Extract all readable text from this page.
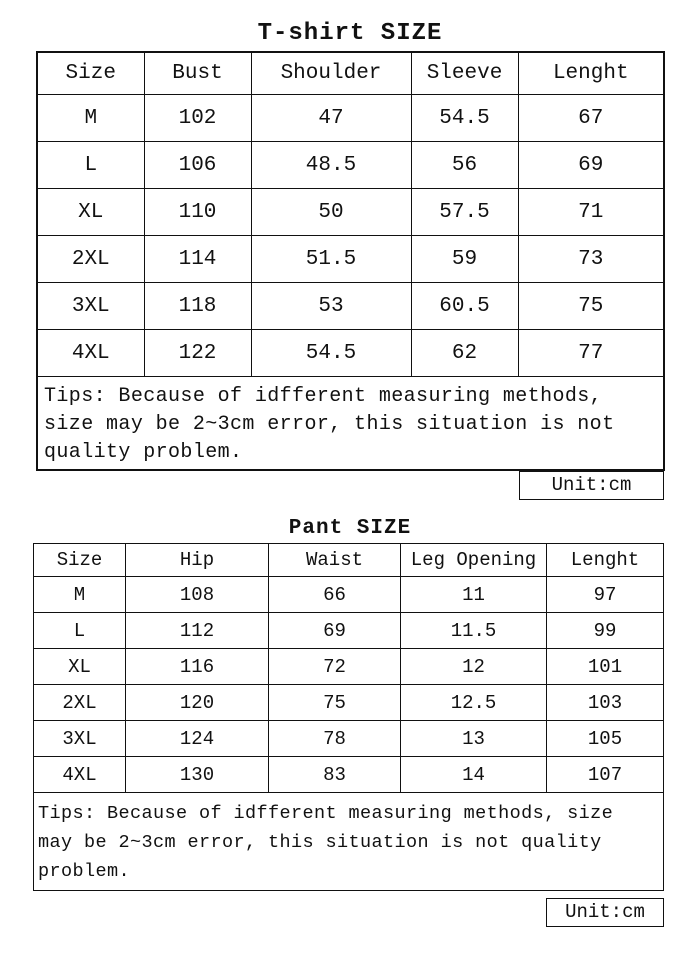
T-shirt SIZE
Size	Bust	Shoulder	Sleeve	Lenght
M	102	47	54.5	67
L	106	48.5	56	69
XL	110	50	57.5	71
2XL	114	51.5	59	73
3XL	118	53	60.5	75
4XL	122	54.5	62	77
Tips: Because of idfferent measuring methods, size may be 2~3cm error, this situation is not quality problem.				
Unit:cm
Pant SIZE
Size	Hip	Waist	Leg Opening	Lenght
M	108	66	11	97
L	112	69	11.5	99
XL	116	72	12	101
2XL	120	75	12.5	103
3XL	124	78	13	105
4XL	130	83	14	107
Tips: Because of idfferent measuring methods, size may be 2~3cm error, this situation is not quality problem.				
Unit:cm
